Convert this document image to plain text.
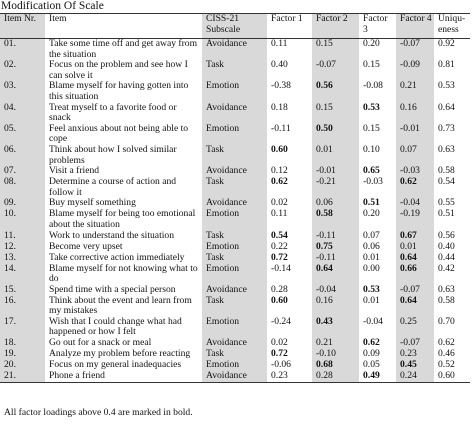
Modification Of Scale
Item Nr.	Item	CISS-21 Subscale	Factor 1	Factor 2	Factor 3	Factor 4	Uniqu-eness
01.	Take some time off and get away from the situation	Avoidance	0.11	0.15	0.20	-0.07	0.92
02.	Focus on the problem and see how I can solve it	Task	0.40	-0.07	0.15	-0.09	0.81
03.	Blame myself for having gotten into this situation	Emotion	-0.38	0.56	-0.08	0.21	0.53
04.	Treat myself to a favorite food or snack	Avoidance	0.18	0.15	0.53	0.16	0.64
05.	Feel anxious about not being able to cope	Emotion	-0.11	0.50	0.15	-0.01	0.73
06.	Think about how I solved similar problems	Task	0.60	0.01	0.10	0.07	0.63
07.	Visit a friend	Avoidance	0.12	-0.01	0.65	-0.03	0.58
08.	Determine a course of action and follow it	Task	0.62	-0.21	-0.03	0.62	0.54
09.	Buy myself something	Avoidance	0.02	0.06	0.51	-0.04	0.55
10.	Blame myself for being too emotional about the situation	Emotion	0.11	0.58	0.20	-0.19	0.51
11.	Work to understand the situation	Task	0.54	-0.11	0.07	0.67	0.56
12.	Become very upset	Emotion	0.22	0.75	0.06	0.01	0.40
13.	Take corrective action immediately	Task	0.72	-0.11	0.01	0.64	0.44
14.	Blame myself for not knowing what to do	Emotion	-0.14	0.64	0.00	0.66	0.42
15.	Spend time with a special person	Avoidance	0.28	-0.04	0.53	-0.07	0.63
16.	Think about the event and learn from my mistakes	Task	0.60	0.16	0.01	0.64	0.58
17.	Wish that I could change what had happened or how I felt	Emotion	-0.24	0.43	-0.04	0.25	0.70
18.	Go out for a snack or meal	Avoidance	0.02	0.21	0.62	-0.07	0.62
19.	Analyze my problem before reacting	Task	0.72	-0.10	0.09	0.23	0.46
20.	Focus on my general inadequacies	Emotion	-0.06	0.68	0.05	0.45	0.52
21.	Phone a friend	Avoidance	0.23	0.28	0.49	0.24	0.60
All factor loadings above 0.4 are marked in bold.
